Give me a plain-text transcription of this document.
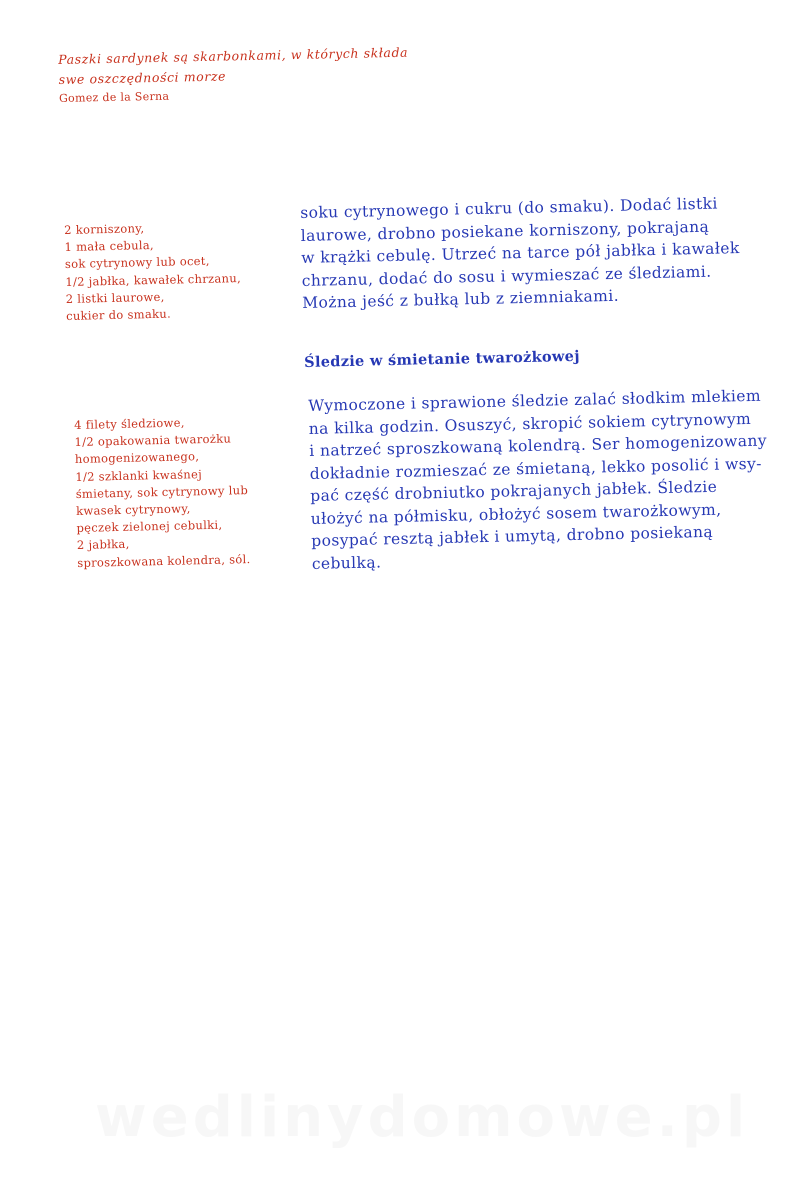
Paszki sardynek są skarbonkami, w których składa
swe oszczędności morze
Gomez de la Serna
2 korniszony,
1 mała cebula,
sok cytrynowy lub ocet,
1/2 jabłka, kawałek chrzanu,
2 listki laurowe,
cukier do smaku.
soku cytrynowego i cukru (do smaku). Dodać listki
laurowe, drobno posiekane korniszony, pokrajaną
w krążki cebulę. Utrzeć na tarce pół jabłka i kawałek
chrzanu, dodać do sosu i wymieszać ze śledziami.
Można jeść z bułką lub z ziemniakami.
Śledzie w śmietanie twarożkowej
4 filety śledziowe,
1/2 opakowania twarożku
homogenizowanego,
1/2 szklanki kwaśnej
śmietany, sok cytrynowy lub
kwasek cytrynowy,
pęczek zielonej cebulki,
2 jabłka,
sproszkowana kolendra, sól.
Wymoczone i sprawione śledzie zalać słodkim mlekiem
na kilka godzin. Osuszyć, skropić sokiem cytrynowym
i natrzeć sproszkowaną kolendrą. Ser homogenizowany
dokładnie rozmieszać ze śmietaną, lekko posolić i wsy-
pać część drobniutko pokrajanych jabłek. Śledzie
ułożyć na półmisku, obłożyć sosem twarożkowym,
posypać resztą jabłek i umytą, drobno posiekaną
cebulką.
wedlinydomowe.pl
